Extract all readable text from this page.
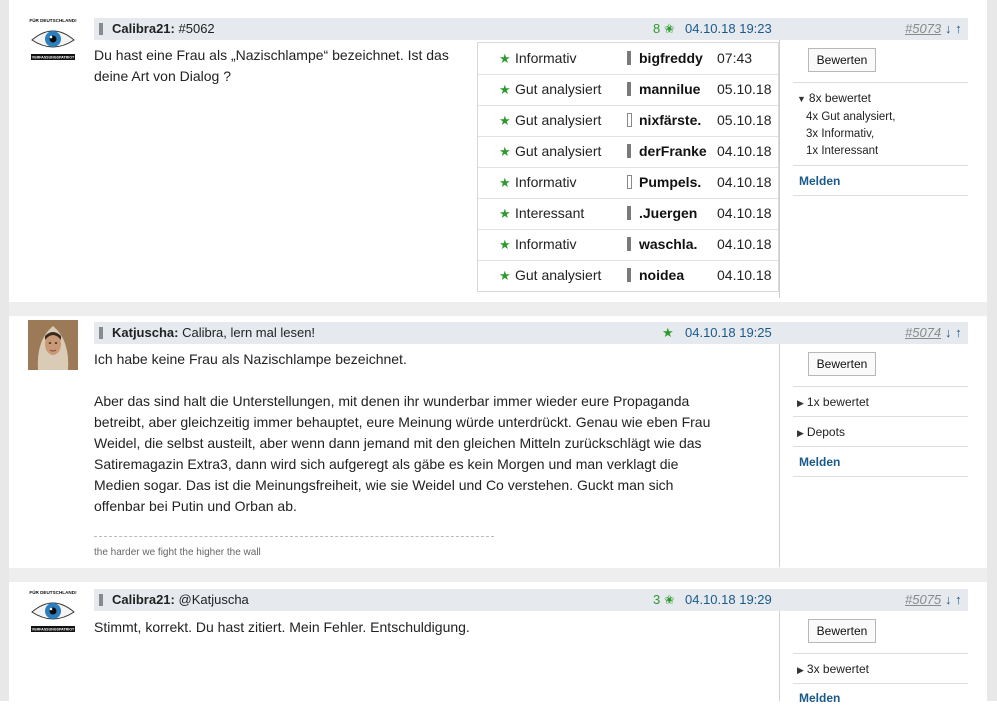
FÜR DEUTSCHLAND!
VERFASSUNGSPATRIOT
Calibra21: #5062	8 ✬ 04.10.18 19:23	#5073 ↓ ↑
Du hast eine Frau als „Nazischlampe“ bezeichnet. Ist das
deine Art von Dialog ?
Bewerten
▼ 8x bewertet
4x Gut analysiert,
3x Informativ,
1x Interessant
Melden
★ Informativ	bigfreddy 07:43
★ Gut analysiert	mannilue 05.10.18
★ Gut analysiert	nixfärste. 05.10.18
★ Gut analysiert	derFranke 04.10.18
★ Informativ	Pumpels. 04.10.18
★ Interessant	.Juergen 04.10.18
★ Informativ	waschla. 04.10.18
★ Gut analysiert	noidea 04.10.18
Katjuscha: Calibra, lern mal lesen!	★ 04.10.18 19:25	#5074 ↓ ↑
Ich habe keine Frau als Nazischlampe bezeichnet.
Aber das sind halt die Unterstellungen, mit denen ihr wunderbar immer wieder eure Propaganda
betreibt, aber gleichzeitig immer behauptet, eure Meinung würde unterdrückt. Genau wie eben Frau
Weidel, die selbst austeilt, aber wenn dann jemand mit den gleichen Mitteln zurückschlägt wie das
Satiremagazin Extra3, dann wird sich aufgeregt als gäbe es kein Morgen und man verklagt die
Medien sogar. Das ist die Meinungsfreiheit, wie sie Weidel und Co verstehen. Guckt man sich
offenbar bei Putin und Orban ab.
the harder we fight the higher the wall
Bewerten
▶ 1x bewertet
▶ Depots
Melden
FÜR DEUTSCHLAND!
VERFASSUNGSPATRIOT
Calibra21: @Katjuscha	3 ✬ 04.10.18 19:29	#5075 ↓ ↑
Stimmt, korrekt. Du hast zitiert. Mein Fehler. Entschuldigung.	Bewerten
▶ 3x bewertet
Melden
